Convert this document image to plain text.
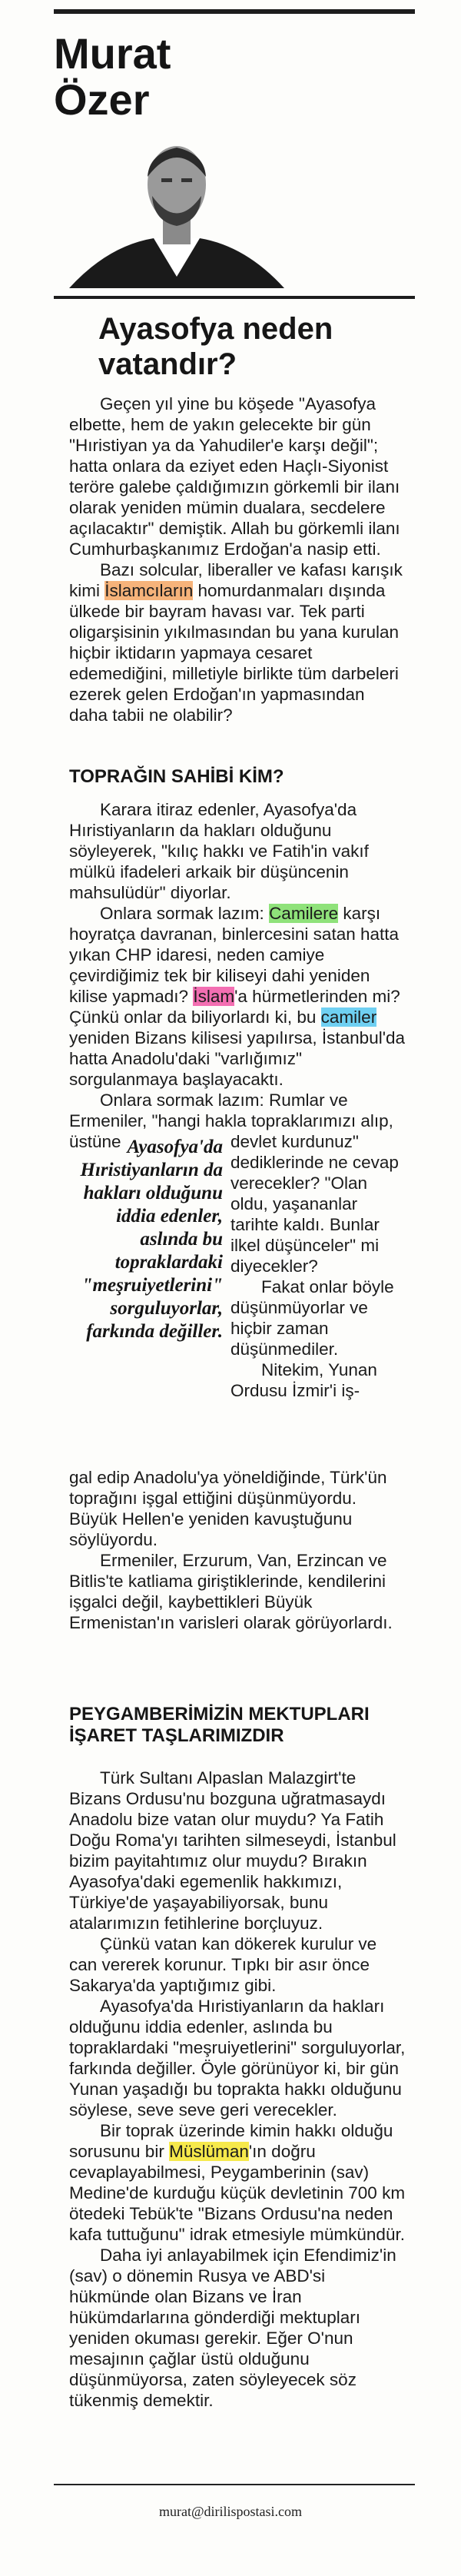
Murat
Özer
Ayasofya neden vatandır?

Geçen yıl yine bu köşede "Ayasofya elbette, hem de yakın gelecekte bir gün "Hıristiyan ya da Yahudiler'e karşı değil"; hatta onlara da eziyet eden Haçlı-Siyonist teröre galebe çaldığımızın görkemli bir ilanı olarak yeniden mümin dualara, secdelere açılacaktır" demiştik. Allah bu görkemli ilanı Cumhurbaşkanımız Erdoğan'a nasip etti.

Bazı solcular, liberaller ve kafası karışık kimi İslamcıların homurdanmaları dışında ülkede bir bayram havası var. Tek parti oligarşisinin yıkılmasından bu yana kurulan hiçbir iktidarın yapmaya cesaret edemediğini, milletiyle birlikte tüm darbeleri ezerek gelen Erdoğan'ın yapmasından daha tabii ne olabilir?

TOPRAĞIN SAHİBİ KİM?

Karara itiraz edenler, Ayasofya'da Hıristiyanların da hakları olduğunu söyleyerek, "kılıç hakkı ve Fatih'in vakıf mülkü ifadeleri arkaik bir düşüncenin mahsulüdür" diyorlar.

Onlara sormak lazım: Camilere karşı hoyratça davranan, binlercesini satan hatta yıkan CHP idaresi, neden camiye çevirdiğimiz tek bir kiliseyi dahi yeniden kilise yapmadı? İslam'a hürmetlerinden mi? Çünkü onlar da biliyorlardı ki, bu camiler yeniden Bizans kilisesi yapılırsa, İstanbul'da hatta Anadolu'daki "varlığımız" sorgulanmaya başlayacaktı.

Onlara sormak lazım: Rumlar ve Ermeniler, "hangi hakla topraklarımızı alıp, üstüne Ayasofya'da Hıristiyanların da hakları olduğunu iddia edenler, aslında bu topraklardaki "meşruiyetlerini" sorguluyorlar, farkında değiller.

devlet kurdunuz" dediklerinde ne cevap verecekler? "Olan oldu, yaşananlar tarihte kaldı. Bunlar ilkel düşünceler" mi diyecekler?

Fakat onlar böyle düşünmüyorlar ve hiçbir zaman düşünmediler.

Nitekim, Yunan Ordusu İzmir'i iş-

gal edip Anadolu'ya yöneldiğinde, Türk'ün toprağını işgal ettiğini düşünmüyordu. Büyük Hellen'e yeniden kavuştuğunu söylüyordu.

Ermeniler, Erzurum, Van, Erzincan ve Bitlis'te katliama giriştiklerinde, kendilerini işgalci değil, kaybettikleri Büyük Ermenistan'ın varisleri olarak görüyorlardı.

PEYGAMBERİMİZİN MEKTUPLARI İŞARET TAŞLARIMIZDIR

Türk Sultanı Alpaslan Malazgirt'te Bizans Ordusu'nu bozguna uğratmasaydı Anadolu bize vatan olur muydu? Ya Fatih Doğu Roma'yı tarihten silmeseydi, İstanbul bizim payitahtımız olur muydu? Bırakın Ayasofya'daki egemenlik hakkımızı, Türkiye'de yaşayabiliyorsak, bunu atalarımızın fetihlerine borçluyuz.

Çünkü vatan kan dökerek kurulur ve can vererek korunur. Tıpkı bir asır önce Sakarya'da yaptığımız gibi.

Ayasofya'da Hıristiyanların da hakları olduğunu iddia edenler, aslında bu topraklardaki "meşruiyetlerini" sorguluyorlar, farkında değiller. Öyle görünüyor ki, bir gün Yunan yaşadığı bu toprakta hakkı olduğunu söylese, seve seve geri verecekler.

Bir toprak üzerinde kimin hakkı olduğu sorusunu bir Müslüman'ın doğru cevaplayabilmesi, Peygamberinin (sav) Medine'de kurduğu küçük devletinin 700 km ötedeki Tebük'te "Bizans Ordusu'na neden kafa tuttuğunu" idrak etmesiyle mümkündür.

Daha iyi anlayabilmek için Efendimiz'in (sav) o dönemin Rusya ve ABD'si hükmünde olan Bizans ve İran hükümdarlarına gönderdiği mektupları yeniden okuması gerekir. Eğer O'nun mesajının çağlar üstü olduğunu düşünmüyorsa, zaten söyleyecek söz tükenmiş demektir.

murat@dirilispostasi.com
